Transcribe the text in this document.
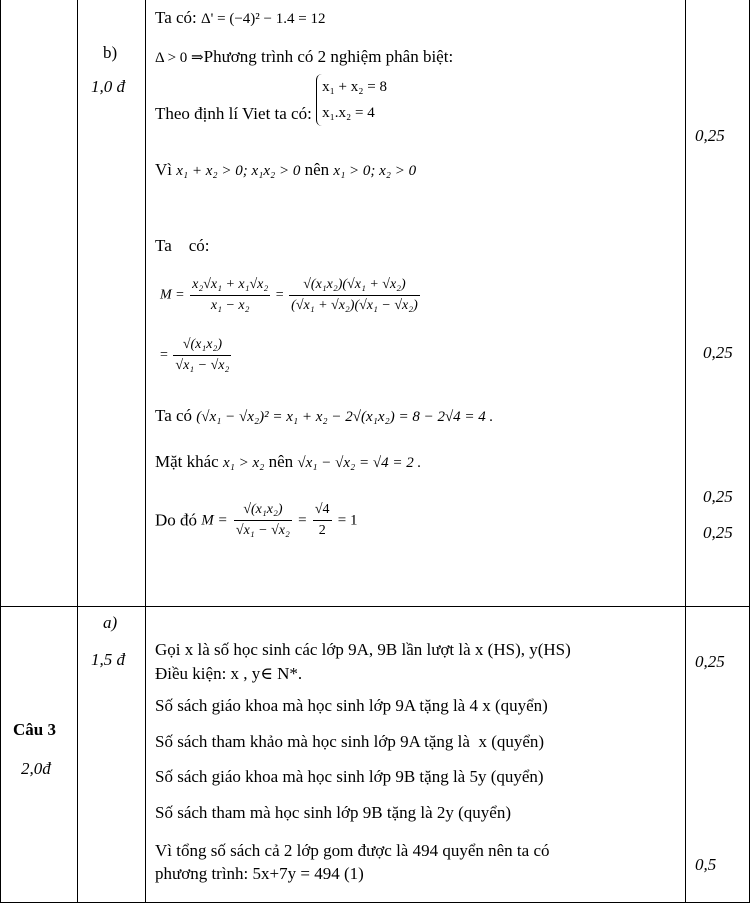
b)
1,0 đ
Ta có: Δ' = (−4)² − 1.4 = 12
Δ > 0 ⇒Phương trình có 2 nghiệm phân biệt:
Theo định lí Viet ta có:
x₁ + x₂ = 8
x₁.x₂ = 4
Vì x₁ + x₂ > 0; x₁x₂ > 0 nên x₁ > 0; x₂ > 0
Ta    có:
$M = \frac{\text{x₂√x₁ + x₁√x₂}}{\text{x₁ − x₂}} = \frac{\text{√(x₁x₂)(√x₁ + √x₂)}}{\text{(√x₁ + √x₂)(√x₁ − √x₂)}}$
= $\frac{\text{√(x₁x₂)}}{\text{√x₁ − √x₂}}$
Ta có (√x₁ − √x₂)² = x₁ + x₂ − 2√(x₁x₂) = 8 − 2√4 = 4 .
Mặt khác x₁ > x₂ nên √x₁ − √x₂ = √4 = 2 .
Do đó $M = \frac{\text{√(x₁x₂)}}{\text{√x₁ − √x₂}} = \frac{√4}{2} = 1$
0,25
0,25
0,25
0,25
Câu 3
2,0đ
a)
1,5 đ
Gọi x là số học sinh các lớp 9A, 9B lần lượt là x (HS), y(HS)
Điều kiện: x , y∈ N*.
Số sách giáo khoa mà học sinh lớp 9A tặng là 4 x (quyển)
Số sách tham khảo mà học sinh lớp 9A tặng là  x (quyển)
Số sách giáo khoa mà học sinh lớp 9B tặng là 5y (quyển)
Số sách tham mà học sinh lớp 9B tặng là 2y (quyển)
Vì tổng số sách cả 2 lớp gom được là 494 quyển nên ta có
phương trình: 5x+7y = 494 (1)
0,25
0,5
